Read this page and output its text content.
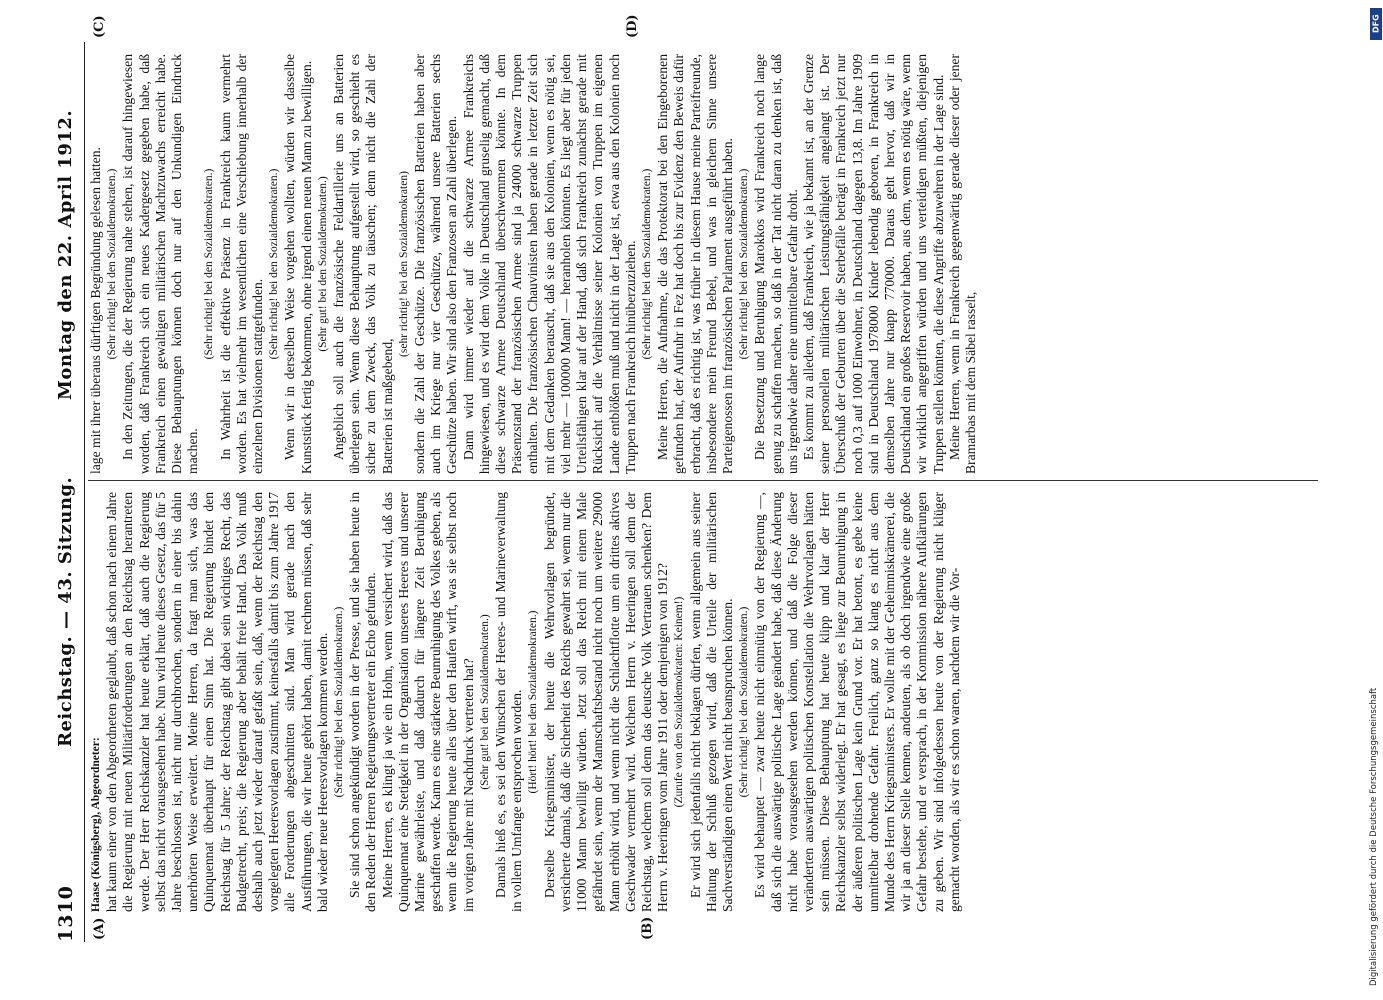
DFG
Digitalisierung gefördert durch die Deutsche Forschungsgemeinschaft
1310
Reichstag. — 43. Sitzung.
Montag den 22. April 1912.
(A)	(B)
(C)	(D)

Haase (Königsberg), Abgeordneter: hat kaum einer von den Abgeordneten geglaubt, daß schon nach einem Jahre die Regierung mit neuen Militärforderungen an den Reichstag herantreten werde. Der Herr Reichskanzler hat heute erklärt, daß auch die Regierung selbst das nicht vorausgesehen habe. Nun wird heute dieses Gesetz, das für 5 Jahre beschlossen ist, nicht nur durchbrochen, sondern in einer bis dahin unerhörten Weise erweitert. Meine Herren, da fragt man sich, was das Quinquennat überhaupt für einen Sinn hat. Die Regierung bindet den Reichstag für 5 Jahre; der Reichstag gibt dabei sein wichtiges Recht, das Budgetrecht, preis; die Regierung aber behält freie Hand. Das Volk muß deshalb auch jetzt wieder darauf gefaßt sein, daß, wenn der Reichstag den vorgelegten Heeresvorlagen zustimmt, keinesfalls damit bis zum Jahre 1917 alle Forderungen abgeschnitten sind. Man wird gerade nach den Ausführungen, die wir heute gehört haben, damit rechnen müssen, daß sehr bald wieder neue Heeresvorlagen kommen werden. (Sehr richtig! bei den Sozialdemokraten.) Sie sind schon angekündigt worden in der Presse, und sie haben heute in den Reden der Herren Regierungsvertreter ein Echo gefunden. Meine Herren, es klingt ja wie ein Hohn, wenn versichert wird, daß das Quinquennat eine Stetigkeit in der Organisation unseres Heeres und unserer Marine gewährleiste, und daß dadurch für längere Zeit Beruhigung geschaffen werde. Kann es eine stärkere Beunruhigung des Volkes geben, als wenn die Regierung heute alles über den Haufen wirft, was sie selbst noch im vorigen Jahre mit Nachdruck vertreten hat? (Sehr gut! bei den Sozialdemokraten.) Damals hieß es, es sei den Wünschen der Heeres- und Marineverwaltung in vollem Umfange entsprochen worden. (Hört! hört! bei den Sozialdemokraten.) Derselbe Kriegsminister, der heute die Wehrvorlagen begründet, versicherte damals, daß die Sicherheit des Reichs gewahrt sei, wenn nur die 11000 Mann bewilligt würden. Jetzt soll das Reich mit einem Male gefährdet sein, wenn der Mannschaftsbestand nicht noch um weitere 29000 Mann erhöht wird, und wenn nicht die Schlachtflotte um ein drittes aktives Geschwader vermehrt wird. Welchem Herrn v. Heeringen soll denn der Reichstag, welchem soll denn das deutsche Volk Vertrauen schenken? Dem Herrn v. Heeringen vom Jahre 1911 oder demjenigen von 1912? (Zurufe von den Sozialdemokraten: Keinem!) Er wird sich jedenfalls nicht beklagen dürfen, wenn allgemein aus seiner Haltung der Schluß gezogen wird, daß die Urteile der militärischen Sachverständigen einen Wert nicht beanspruchen können. (Sehr richtig! bei den Sozialdemokraten.) Es wird behauptet — zwar heute nicht einmütig von der Regierung —, daß sich die auswärtige politische Lage geändert habe, daß diese Änderung nicht habe vorausgesehen werden können, und daß die Folge dieser veränderten auswärtigen politischen Konstellation die Wehrvorlagen hätten sein müssen. Diese Behauptung hat heute klipp und klar der Herr Reichskanzler selbst widerlegt. Er hat gesagt, es liege zur Beunruhigung in der äußeren politischen Lage kein Grund vor. Er hat betont, es gebe keine unmittelbar drohende Gefahr. Freilich, ganz so klang es nicht aus dem Munde des Herrn Kriegsministers. Er wollte mit der Geheimniskrämerei, die wir ja an dieser Stelle kennen, andeuten, als ob doch irgendwie eine große Gefahr bestehe, und er versprach, in der Kommission nähere Aufklärungen zu geben. Wir sind infolgedessen heute von der Regierung nicht klüger gemacht worden, als wir es schon waren, nachdem wir die Vor-

lage mit ihrer überaus dürftigen Begründung gelesen hatten. (Sehr richtig! bei den Sozialdemokraten.) In den Zeitungen, die der Regierung nahe stehen, ist darauf hingewiesen worden, daß Frankreich sich ein neues Kadergesetz gegeben habe, daß Frankreich einen gewaltigen militärischen Machtzuwachs erreicht habe. Diese Behauptungen können doch nur auf den Unkundigen Eindruck machen.

(Sehr richtig! bei den Sozialdemokraten.) In Wahrheit ist die effektive Präsenz in Frankreich kaum vermehrt worden. Es hat vielmehr im wesentlichen eine Verschiebung innerhalb der einzelnen Divisionen stattgefunden.

(Sehr richtig! bei den Sozialdemokraten.) Wenn wir in derselben Weise vorgehen wollten, würden wir dasselbe Kunststück fertig bekommen, ohne irgend einen neuen Mann zu bewilligen. (Sehr gut! bei den Sozialdemokraten.) Angeblich soll auch die französische Feldartillerie uns an Batterien überlegen sein. Wenn diese Behauptung aufgestellt wird, so geschieht es sicher zu dem Zweck, das Volk zu täuschen; denn nicht die Zahl der Batterien ist maßgebend,

(sehr richtig! bei den Sozialdemokraten) sondern die Zahl der Geschütze. Die französischen Batterien haben aber auch im Kriege nur vier Geschütze, während unsere Batterien sechs Geschütze haben. Wir sind also den Franzosen an Zahl überlegen. Dann wird immer wieder auf die schwarze Armee Frankreichs hingewiesen, und es wird dem Volke in Deutschland gruselig gemacht, daß diese schwarze Armee Deutschland überschwemmen könnte. In dem Präsenzstand der französischen Armee sind ja 24000 schwarze Truppen enthalten. Die französischen Chauvinisten haben gerade in letzter Zeit sich mit dem Gedanken berauscht, daß sie aus den Kolonien, wenn es nötig sei, viel mehr — 100000 Mann! — heranholen könnten. Es liegt aber für jeden Urteilsfähigen klar auf der Hand, daß sich Frankreich zunächst gerade mit Rücksicht auf die Verhältnisse seiner Kolonien von Truppen im eigenen Lande entblößen muß und nicht in der Lage ist, etwa aus den Kolonien noch Truppen nach Frankreich hinüberzuziehen. (Sehr richtig! bei den Sozialdemokraten.) Meine Herren, die Aufnahme, die das Protektorat bei den Eingeborenen gefunden hat, der Aufruhr in Fez hat doch bis zur Evidenz den Beweis dafür erbracht, daß es richtig ist, was früher in diesem Hause meine Parteifreunde, insbesondere mein Freund Bebel, und was in gleichem Sinne unsere Parteigenossen im französischen Parlament ausgeführt haben. (Sehr richtig! bei den Sozialdemokraten.) Die Besetzung und Beruhigung Marokkos wird Frankreich noch lange genug zu schaffen machen, so daß in der Tat nicht daran zu denken ist, daß uns irgendwie daher eine unmittelbare Gefahr droht. Es kommt zu alledem, daß Frankreich, wie ja bekannt ist, an der Grenze seiner personellen militärischen Leistungsfähigkeit angelangt ist. Der Überschuß der Geburten über die Sterbefälle beträgt in Frankreich jetzt nur noch 0,3 auf 1000 Einwohner, in Deutschland dagegen 13,8. Im Jahre 1909 sind in Deutschland 1978000 Kinder lebendig geboren, in Frankreich in demselben Jahre nur knapp 770000. Daraus geht hervor, daß wir in Deutschland ein großes Reservoir haben, aus dem, wenn es nötig wäre, wenn wir wirklich angegriffen würden und uns verteidigen müßten, diejenigen Truppen stellen könnten, die diese Angriffe abzuwehren in der Lage sind. Meine Herren, wenn in Frankreich gegenwärtig gerade dieser oder jener Bramarbas mit dem Säbel rasselt,
